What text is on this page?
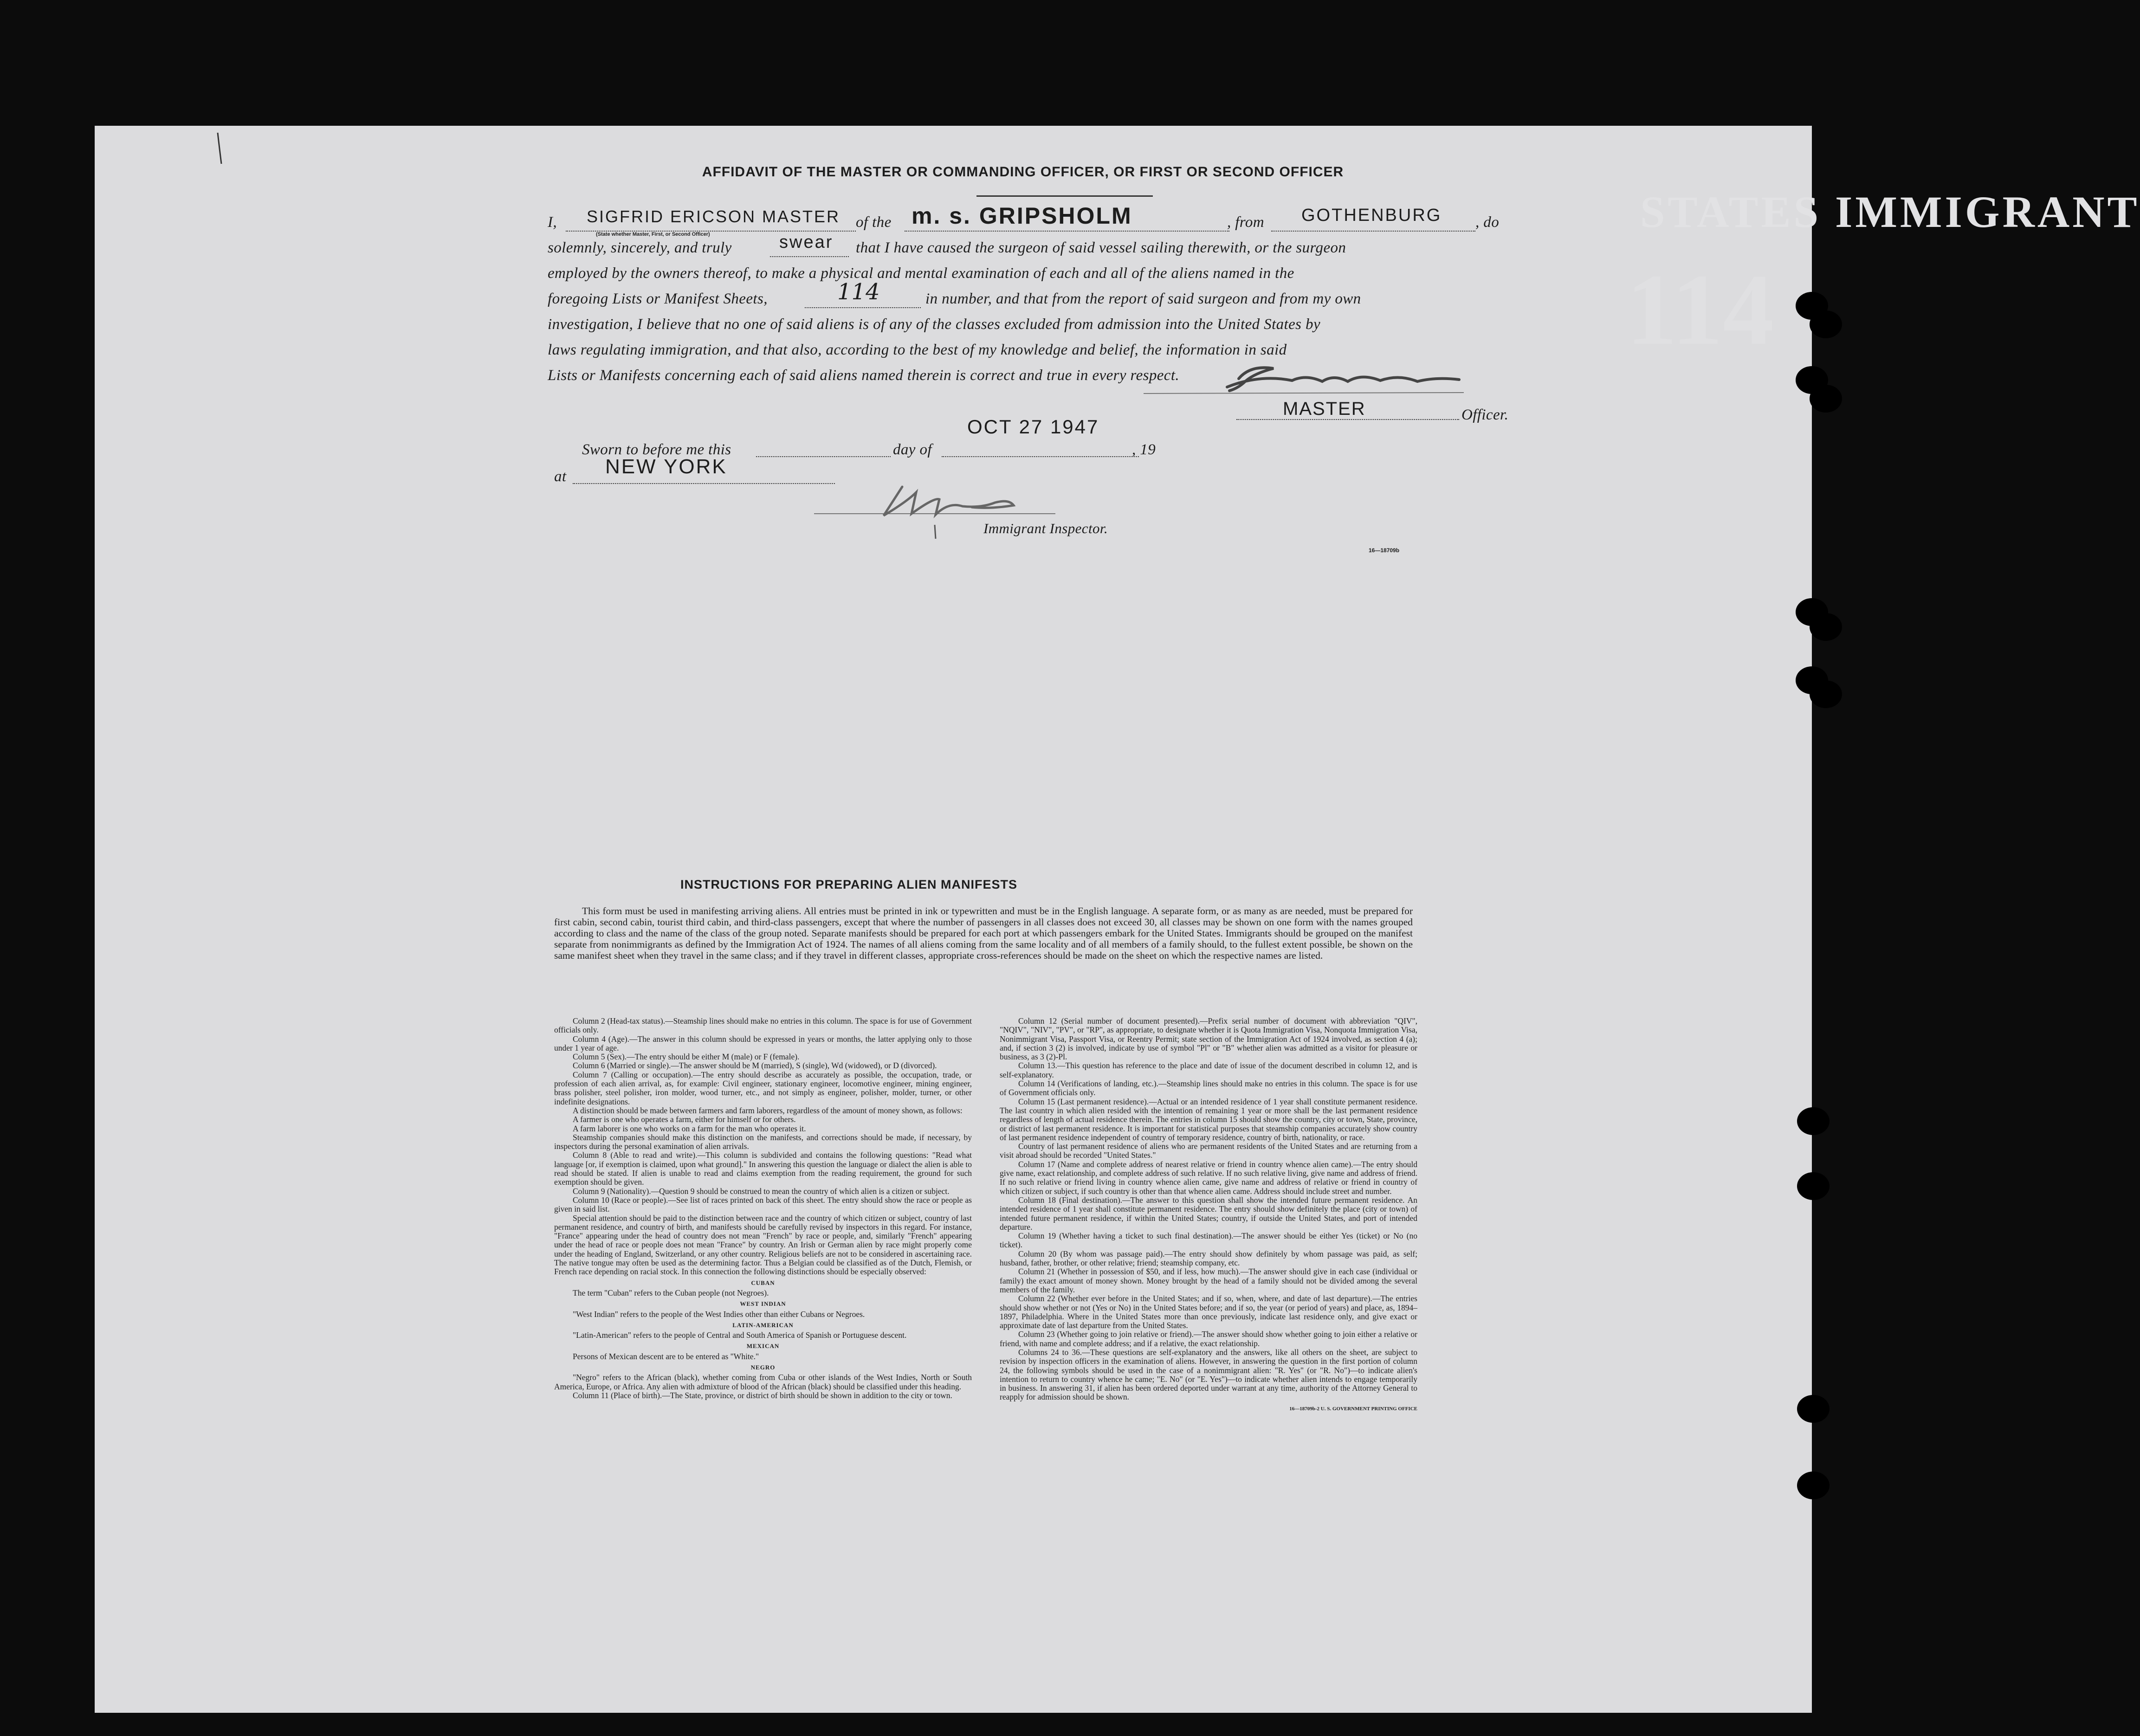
STATES IMMIGRANT
114
AFFIDAVIT OF THE MASTER OR COMMANDING OFFICER, OR FIRST OR SECOND OFFICER
I, SIGFRID ERICSON MASTER of the m. s. GRIPSHOLM	, from GOTHENBURG , do
(State whether Master, First, or Second Officer)
solemnly, sincerely, and truly	swear that I have caused the surgeon of said vessel sailing therewith, or the surgeon
employed by the owners thereof, to make a physical and mental examination of each and all of the aliens named in the
foregoing Lists or Manifest Sheets,	114	in number, and that from the report of said surgeon and from my own
investigation, I believe that no one of said aliens is of any of the classes excluded from admission into the United States by
laws regulating immigration, and that also, according to the best of my knowledge and belief, the information in said
Lists or Manifests concerning each of said aliens named therein is correct and true in every respect.
MASTER	Officer.
OCT 27 1947
Sworn to before me this	day of	, 19
at NEW YORK
Immigrant Inspector.
16—18709b
INSTRUCTIONS FOR PREPARING ALIEN MANIFESTS
This form must be used in manifesting arriving aliens. All entries must be printed in ink or typewritten and must be in the English language. A separate form, or as many as are needed, must be prepared for first cabin, second cabin, tourist third cabin, and third-class passengers, except that where the number of passengers in all classes does not exceed 30, all classes may be shown on one form with the names grouped according to class and the name of the class of the group noted. Separate manifests should be prepared for each port at which passengers embark for the United States. Immigrants should be grouped on the manifest separate from nonimmigrants as defined by the Immigration Act of 1924. The names of all aliens coming from the same locality and of all members of a family should, to the fullest extent possible, be shown on the same manifest sheet when they travel in the same class; and if they travel in different classes, appropriate cross-references should be made on the sheet on which the respective names are listed.

Column 2 (Head-tax status).—Steamship lines should make no entries in this column. The space is for use of Government officials only.

Column 4 (Age).—The answer in this column should be expressed in years or months, the latter applying only to those under 1 year of age.

Column 5 (Sex).—The entry should be either M (male) or F (female).

Column 6 (Married or single).—The answer should be M (married), S (single), Wd (widowed), or D (divorced).

Column 7 (Calling or occupation).—The entry should describe as accurately as possible, the occupation, trade, or profession of each alien arrival, as, for example: Civil engineer, stationary engineer, locomotive engineer, mining engineer, brass polisher, steel polisher, iron molder, wood turner, etc., and not simply as engineer, polisher, molder, turner, or other indefinite designations.

A distinction should be made between farmers and farm laborers, regardless of the amount of money shown, as follows:

A farmer is one who operates a farm, either for himself or for others.

A farm laborer is one who works on a farm for the man who operates it.

Steamship companies should make this distinction on the manifests, and corrections should be made, if necessary, by inspectors during the personal examination of alien arrivals.

Column 8 (Able to read and write).—This column is subdivided and contains the following questions: "Read what language [or, if exemption is claimed, upon what ground]." In answering this question the language or dialect the alien is able to read should be stated. If alien is unable to read and claims exemption from the reading requirement, the ground for such exemption should be given.

Column 9 (Nationality).—Question 9 should be construed to mean the country of which alien is a citizen or subject.

Column 10 (Race or people).—See list of races printed on back of this sheet. The entry should show the race or people as given in said list.

Special attention should be paid to the distinction between race and the country of which citizen or subject, country of last permanent residence, and country of birth, and manifests should be carefully revised by inspectors in this regard. For instance, "France" appearing under the head of country does not mean "French" by race or people, and, similarly "French" appearing under the head of race or people does not mean "France" by country. An Irish or German alien by race might properly come under the heading of England, Switzerland, or any other country. Religious beliefs are not to be considered in ascertaining race. The native tongue may often be used as the determining factor. Thus a Belgian could be classified as of the Dutch, Flemish, or French race depending on racial stock. In this connection the following distinctions should be especially observed:

CUBAN

The term "Cuban" refers to the Cuban people (not Negroes).

WEST INDIAN

"West Indian" refers to the people of the West Indies other than either Cubans or Negroes.

LATIN-AMERICAN

"Latin-American" refers to the people of Central and South America of Spanish or Portuguese descent.

MEXICAN

Persons of Mexican descent are to be entered as "White."

NEGRO

"Negro" refers to the African (black), whether coming from Cuba or other islands of the West Indies, North or South America, Europe, or Africa. Any alien with admixture of blood of the African (black) should be classified under this heading.

Column 11 (Place of birth).—The State, province, or district of birth should be shown in addition to the city or town.

Column 12 (Serial number of document presented).—Prefix serial number of document with abbreviation "QIV", "NQIV", "NIV", "PV", or "RP", as appropriate, to designate whether it is Quota Immigration Visa, Nonquota Immigration Visa, Nonimmigrant Visa, Passport Visa, or Reentry Permit; state section of the Immigration Act of 1924 involved, as section 4 (a); and, if section 3 (2) is involved, indicate by use of symbol "Pl" or "B" whether alien was admitted as a visitor for pleasure or business, as 3 (2)-Pl.

Column 13.—This question has reference to the place and date of issue of the document described in column 12, and is self-explanatory.

Column 14 (Verifications of landing, etc.).—Steamship lines should make no entries in this column. The space is for use of Government officials only.

Column 15 (Last permanent residence).—Actual or an intended residence of 1 year shall constitute permanent residence. The last country in which alien resided with the intention of remaining 1 year or more shall be the last permanent residence regardless of length of actual residence therein. The entries in column 15 should show the country, city or town, State, province, or district of last permanent residence. It is important for statistical purposes that steamship companies accurately show country of last permanent residence independent of country of temporary residence, country of birth, nationality, or race.

Country of last permanent residence of aliens who are permanent residents of the United States and are returning from a visit abroad should be recorded "United States."

Column 17 (Name and complete address of nearest relative or friend in country whence alien came).—The entry should give name, exact relationship, and complete address of such relative. If no such relative living, give name and address of friend. If no such relative or friend living in country whence alien came, give name and address of relative or friend in country of which citizen or subject, if such country is other than that whence alien came. Address should include street and number.

Column 18 (Final destination).—The answer to this question shall show the intended future permanent residence. An intended residence of 1 year shall constitute permanent residence. The entry should show definitely the place (city or town) of intended future permanent residence, if within the United States; country, if outside the United States, and port of intended departure.

Column 19 (Whether having a ticket to such final destination).—The answer should be either Yes (ticket) or No (no ticket).

Column 20 (By whom was passage paid).—The entry should show definitely by whom passage was paid, as self; husband, father, brother, or other relative; friend; steamship company, etc.

Column 21 (Whether in possession of $50, and if less, how much).—The answer should give in each case (individual or family) the exact amount of money shown. Money brought by the head of a family should not be divided among the several members of the family.

Column 22 (Whether ever before in the United States; and if so, when, where, and date of last departure).—The entries should show whether or not (Yes or No) in the United States before; and if so, the year (or period of years) and place, as, 1894–1897, Philadelphia. Where in the United States more than once previously, indicate last residence only, and give exact or approximate date of last departure from the United States.

Column 23 (Whether going to join relative or friend).—The answer should show whether going to join either a relative or friend, with name and complete address; and if a relative, the exact relationship.

Columns 24 to 36.—These questions are self-explanatory and the answers, like all others on the sheet, are subject to revision by inspection officers in the examination of aliens. However, in answering the question in the first portion of column 24, the following symbols should be used in the case of a nonimmigrant alien: "R. Yes" (or "R. No")—to indicate alien's intention to return to country whence he came; "E. No" (or "E. Yes")—to indicate whether alien intends to engage temporarily in business. In answering 31, if alien has been ordered deported under warrant at any time, authority of the Attorney General to reapply for admission should be shown.

16—18709b-2 U. S. GOVERNMENT PRINTING OFFICE
